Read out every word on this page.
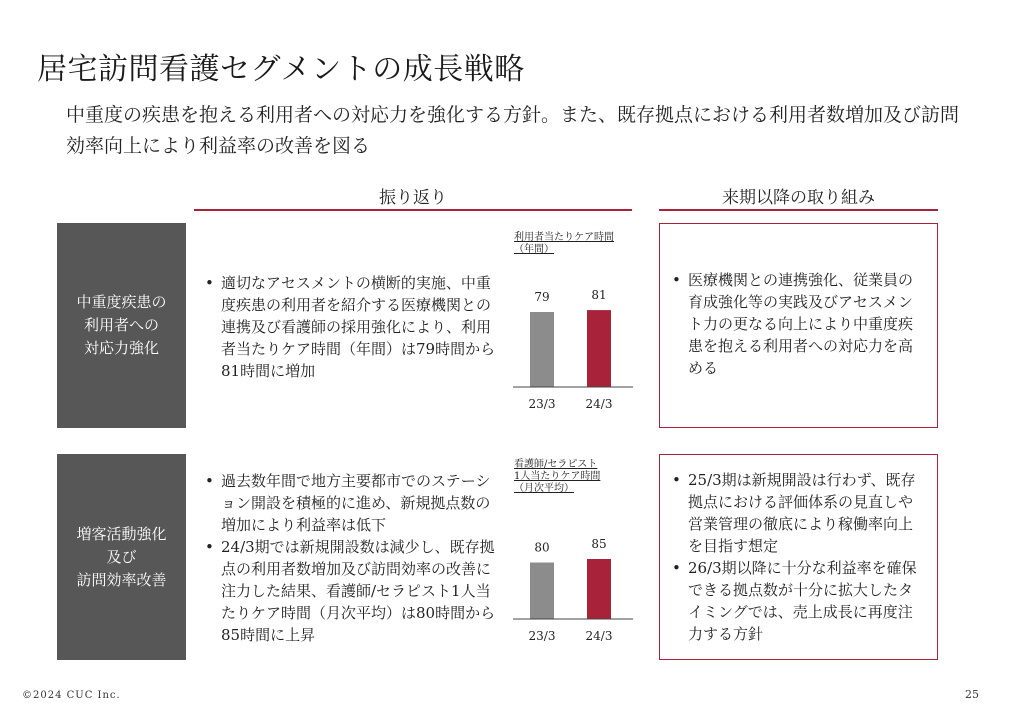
居宅訪問看護セグメントの成長戦略
中重度の疾患を抱える利用者への対応力を強化する方針。また、既存拠点における利用者数増加及び訪問効率向上により利益率の改善を図る
振り返り	来期以降の取り組み
中重度疾患の
利用者への
対応力強化
• 適切なアセスメントの横断的実施、中重度疾患の利用者を紹介する医療機関との連携及び看護師の採用強化により、利用者当たりケア時間（年間）は79時間から81時間に増加
利用者当たりケア時間
（年間）
79
23/3
81
24/3
• 医療機関との連携強化、従業員の育成強化等の実践及びアセスメント力の更なる向上により中重度疾患を抱える利用者への対応力を高める
増客活動強化
及び
訪問効率改善
• 過去数年間で地方主要都市でのステーション開設を積極的に進め、新規拠点数の増加により利益率は低下
• 24/3期では新規開設数は減少し、既存拠点の利用者数増加及び訪問効率の改善に注力した結果、看護師/セラピスト1人当たりケア時間（月次平均）は80時間から85時間に上昇
看護師/セラピスト
1人当たりケア時間
（月次平均）
80
23/3
85
24/3
• 25/3期は新規開設は行わず、既存拠点における評価体系の見直しや営業管理の徹底により稼働率向上を目指す想定
• 26/3期以降に十分な利益率を確保できる拠点数が十分に拡大したタイミングでは、売上成長に再度注力する方針
©2024 CUC Inc.	25
